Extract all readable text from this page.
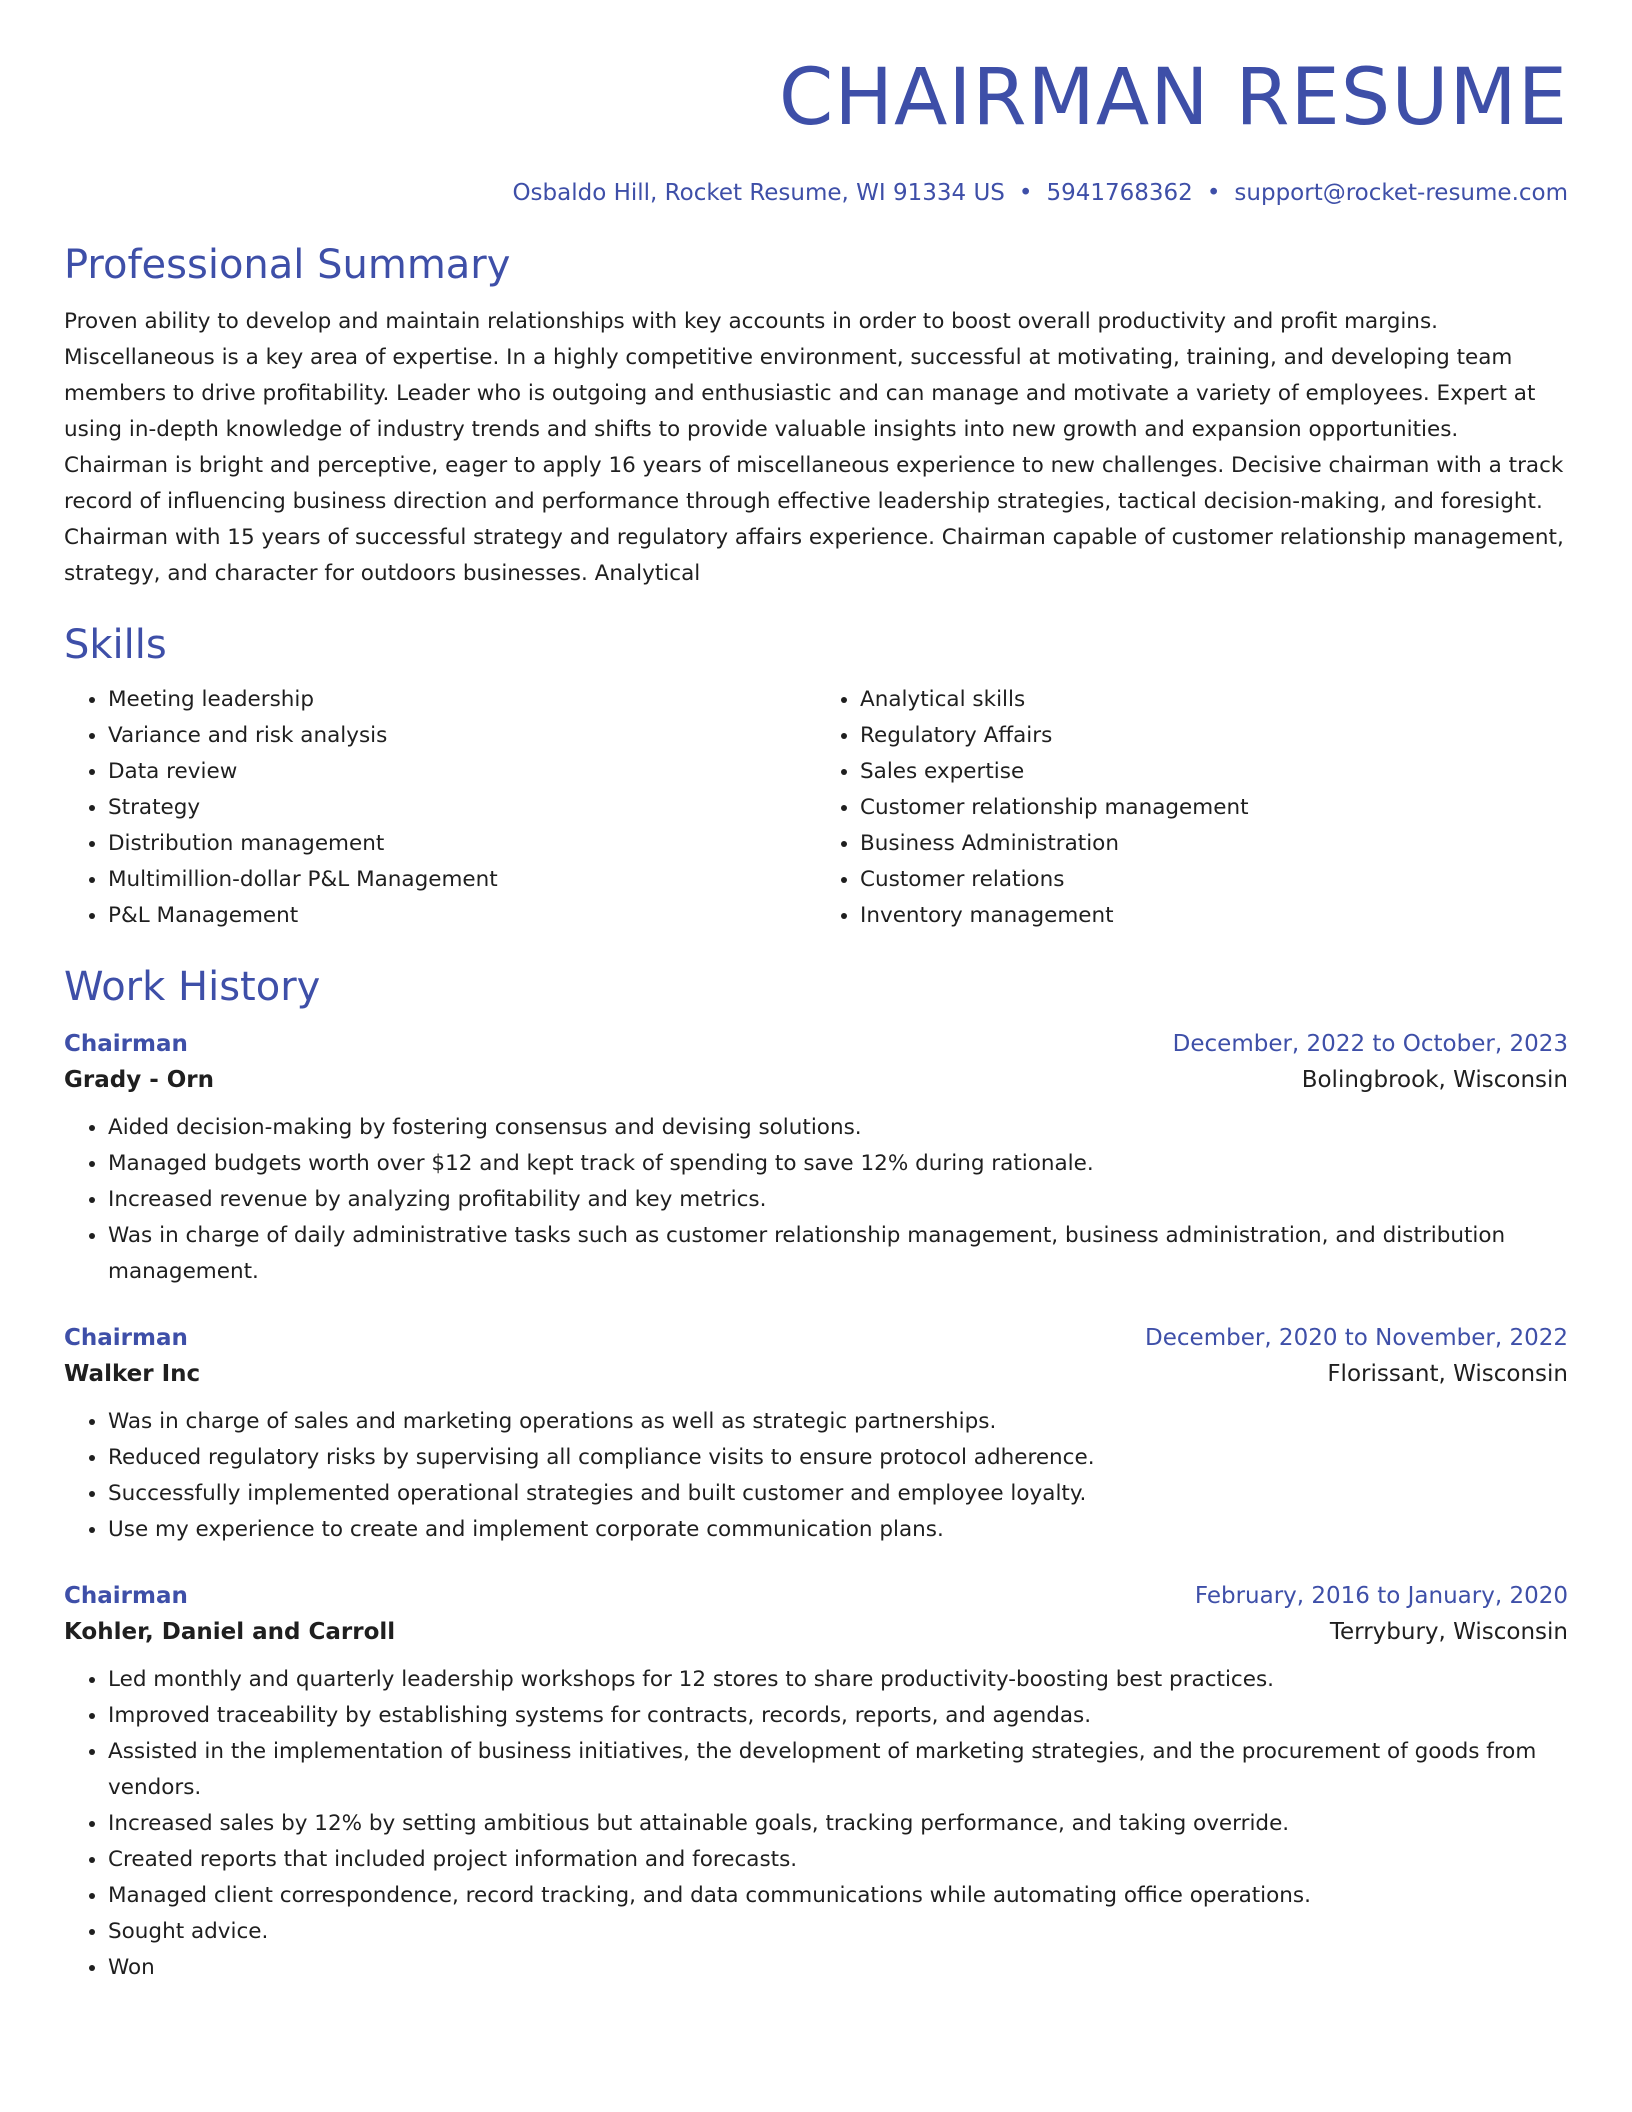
CHAIRMAN RESUME
Osbaldo Hill, Rocket Resume, WI 91334 US • 5941768362 • support@rocket-resume.com
Professional Summary

Proven ability to develop and maintain relationships with key accounts in order to boost overall productivity and profit margins. Miscellaneous is a key area of expertise. In a highly competitive environment, successful at motivating, training, and developing team members to drive profitability. Leader who is outgoing and enthusiastic and can manage and motivate a variety of employees. Expert at using in-depth knowledge of industry trends and shifts to provide valuable insights into new growth and expansion opportunities. Chairman is bright and perceptive, eager to apply 16 years of miscellaneous experience to new challenges. Decisive chairman with a track record of influencing business direction and performance through effective leadership strategies, tactical decision-making, and foresight. Chairman with 15 years of successful strategy and regulatory affairs experience. Chairman capable of customer relationship management, strategy, and character for outdoors businesses. Analytical

Skills
• Meeting leadership
• Variance and risk analysis
• Data review
• Strategy
• Distribution management
• Multimillion-dollar P&L Management
• P&L Management
• Analytical skills
• Regulatory Affairs
• Sales expertise
• Customer relationship management
• Business Administration
• Customer relations
• Inventory management
Work History
Chairman	December, 2022 to October, 2023
Grady - Orn	Bolingbrook, Wisconsin
• Aided decision-making by fostering consensus and devising solutions.
• Managed budgets worth over $12 and kept track of spending to save 12% during rationale.
• Increased revenue by analyzing profitability and key metrics.
• Was in charge of daily administrative tasks such as customer relationship management, business administration, and distribution management.
Chairman	December, 2020 to November, 2022
Walker Inc	Florissant, Wisconsin
• Was in charge of sales and marketing operations as well as strategic partnerships.
• Reduced regulatory risks by supervising all compliance visits to ensure protocol adherence.
• Successfully implemented operational strategies and built customer and employee loyalty.
• Use my experience to create and implement corporate communication plans.
Chairman	February, 2016 to January, 2020
Kohler, Daniel and Carroll	Terrybury, Wisconsin
• Led monthly and quarterly leadership workshops for 12 stores to share productivity-boosting best practices.
• Improved traceability by establishing systems for contracts, records, reports, and agendas.
• Assisted in the implementation of business initiatives, the development of marketing strategies, and the procurement of goods from vendors.
• Increased sales by 12% by setting ambitious but attainable goals, tracking performance, and taking override.
• Created reports that included project information and forecasts.
• Managed client correspondence, record tracking, and data communications while automating office operations.
• Sought advice.
• Won
